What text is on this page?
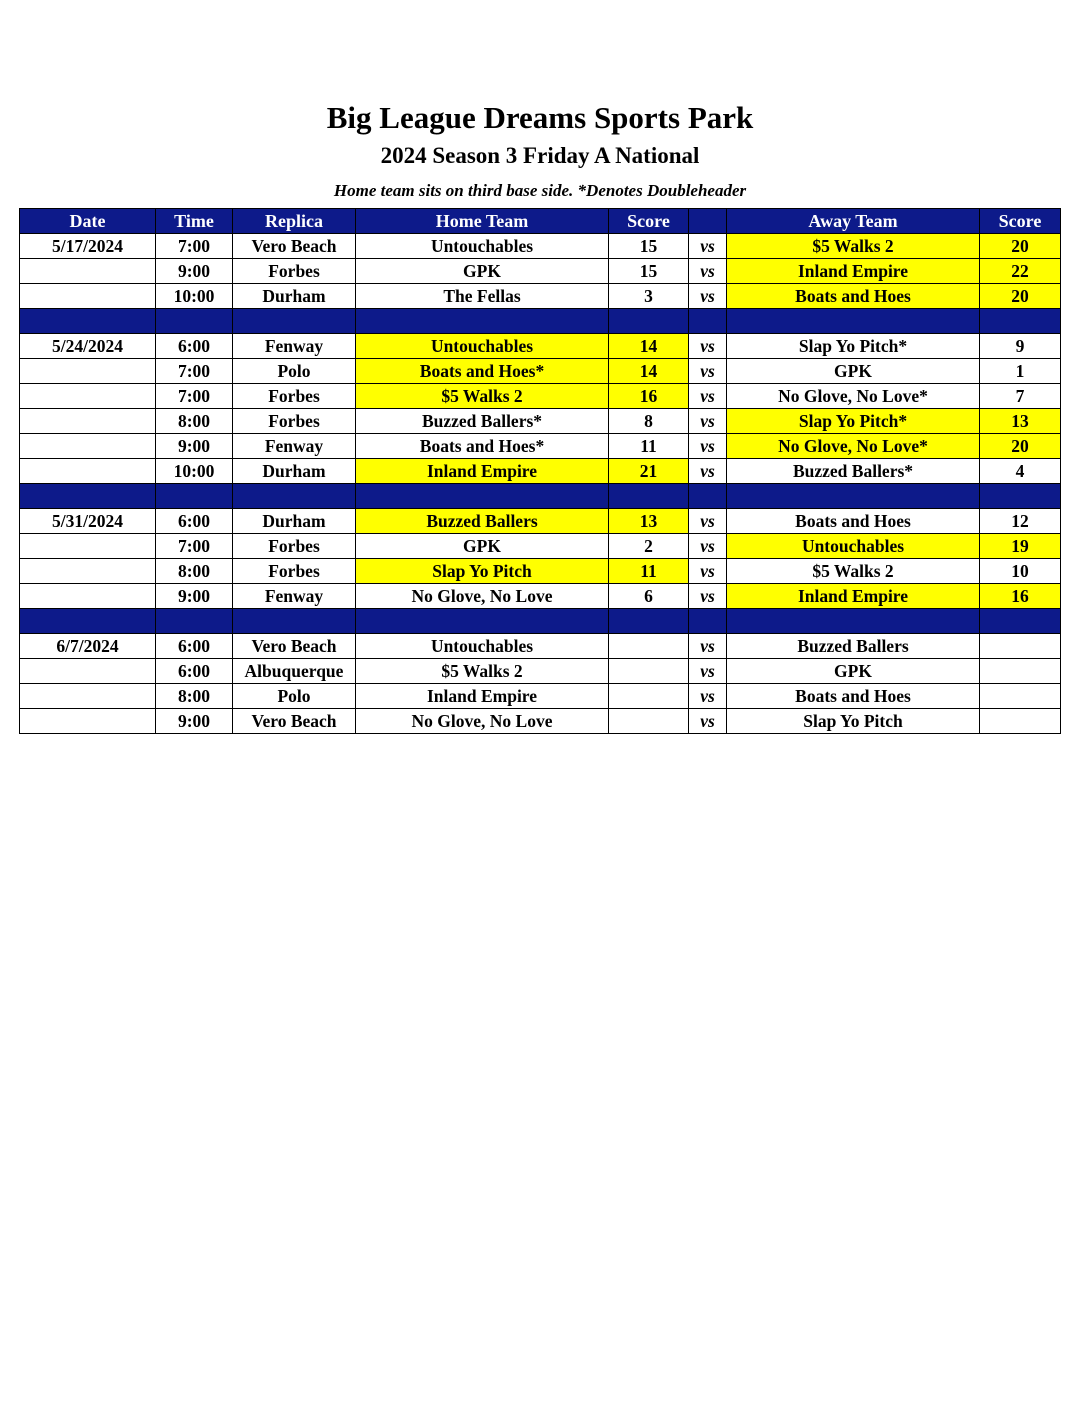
Big League Dreams Sports Park
2024 Season 3 Friday A National
Home team sits on third base side. *Denotes Doubleheader
Date	Time	Replica	Home Team	Score		Away Team	Score
5/17/2024	7:00	Vero Beach	Untouchables	15	vs	$5 Walks 2	20
	9:00	Forbes	GPK	15	vs	Inland Empire	22
	10:00	Durham	The Fellas	3	vs	Boats and Hoes	20

5/24/2024	6:00	Fenway	Untouchables	14	vs	Slap Yo Pitch*	9
	7:00	Polo	Boats and Hoes*	14	vs	GPK	1
	7:00	Forbes	$5 Walks 2	16	vs	No Glove, No Love*	7
	8:00	Forbes	Buzzed Ballers*	8	vs	Slap Yo Pitch*	13
	9:00	Fenway	Boats and Hoes*	11	vs	No Glove, No Love*	20
	10:00	Durham	Inland Empire	21	vs	Buzzed Ballers*	4

5/31/2024	6:00	Durham	Buzzed Ballers	13	vs	Boats and Hoes	12
	7:00	Forbes	GPK	2	vs	Untouchables	19
	8:00	Forbes	Slap Yo Pitch	11	vs	$5 Walks 2	10
	9:00	Fenway	No Glove, No Love	6	vs	Inland Empire	16

6/7/2024	6:00	Vero Beach	Untouchables		vs	Buzzed Ballers	
	6:00	Albuquerque	$5 Walks 2		vs	GPK	
	8:00	Polo	Inland Empire		vs	Boats and Hoes	
	9:00	Vero Beach	No Glove, No Love		vs	Slap Yo Pitch	
